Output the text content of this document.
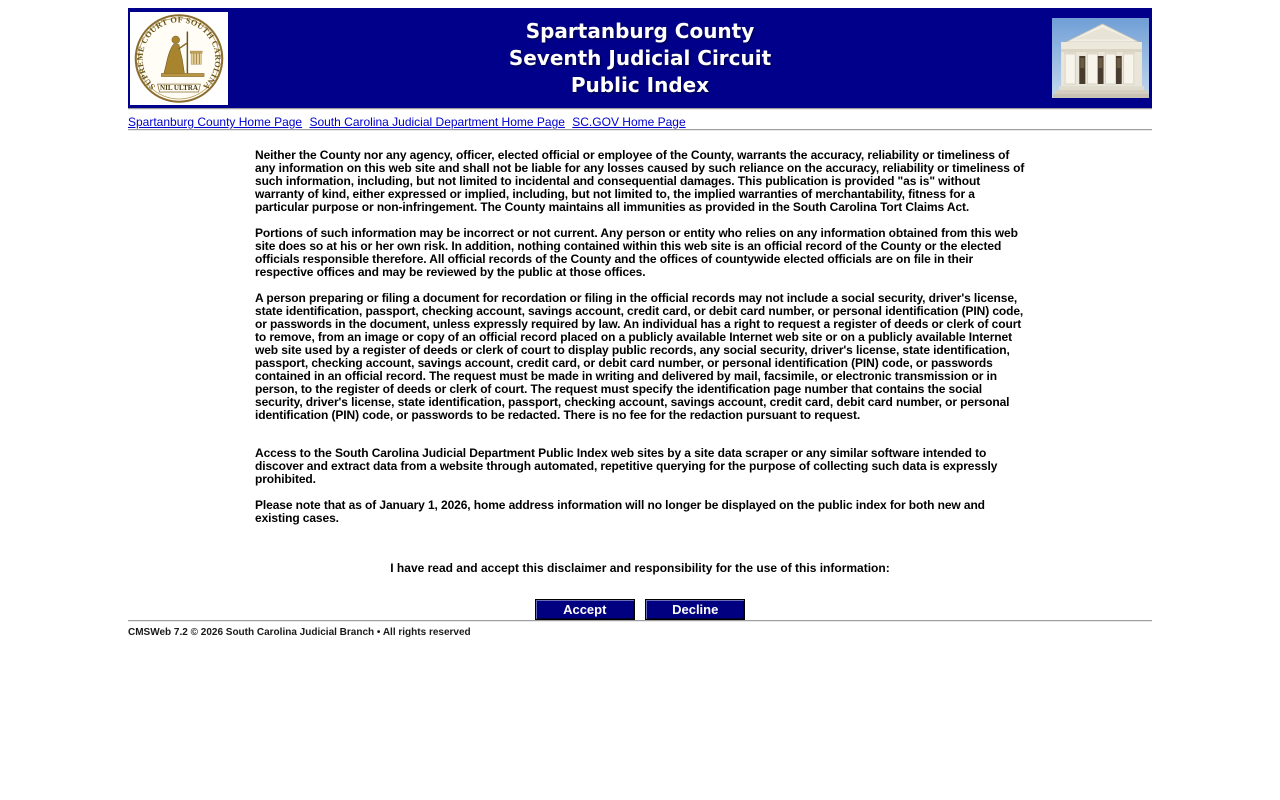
SUPREME COURT OF SOUTH CAROLINA
NIL ULTRA
Spartanburg County
Seventh Judicial Circuit
Public Index
Spartanburg County Home Page South Carolina Judicial Department Home Page SC.GOV Home Page

Neither the County nor any agency, officer, elected official or employee of the County, warrants the accuracy, reliability or timeliness of any information on this web site and shall not be liable for any losses caused by such reliance on the accuracy, reliability or timeliness of such information, including, but not limited to incidental and consequential damages. This publication is provided "as is" without warranty of kind, either expressed or implied, including, but not limited to, the implied warranties of merchantability, fitness for a particular purpose or non-infringement. The County maintains all immunities as provided in the South Carolina Tort Claims Act.

Portions of such information may be incorrect or not current. Any person or entity who relies on any information obtained from this web site does so at his or her own risk. In addition, nothing contained within this web site is an official record of the County or the elected officials responsible therefore. All official records of the County and the offices of countywide elected officials are on file in their respective offices and may be reviewed by the public at those offices.

A person preparing or filing a document for recordation or filing in the official records may not include a social security, driver's license, state identification, passport, checking account, savings account, credit card, or debit card number, or personal identification (PIN) code, or passwords in the document, unless expressly required by law. An individual has a right to request a register of deeds or clerk of court to remove, from an image or copy of an official record placed on a publicly available Internet web site or on a publicly available Internet web site used by a register of deeds or clerk of court to display public records, any social security, driver's license, state identification, passport, checking account, savings account, credit card, or debit card number, or personal identification (PIN) code, or passwords contained in an official record. The request must be made in writing and delivered by mail, facsimile, or electronic transmission or in person, to the register of deeds or clerk of court. The request must specify the identification page number that contains the social security, driver's license, state identification, passport, checking account, savings account, credit card, debit card number, or personal identification (PIN) code, or passwords to be redacted. There is no fee for the redaction pursuant to request.

Access to the South Carolina Judicial Department Public Index web sites by a site data scraper or any similar software intended to discover and extract data from a website through automated, repetitive querying for the purpose of collecting such data is expressly prohibited.

Please note that as of January 1, 2026, home address information will no longer be displayed on the public index for both new and existing cases.

I have read and accept this disclaimer and responsibility for the use of this information:
Accept	Decline
CMSWeb 7.2 © 2026 South Carolina Judicial Branch • All rights reserved
